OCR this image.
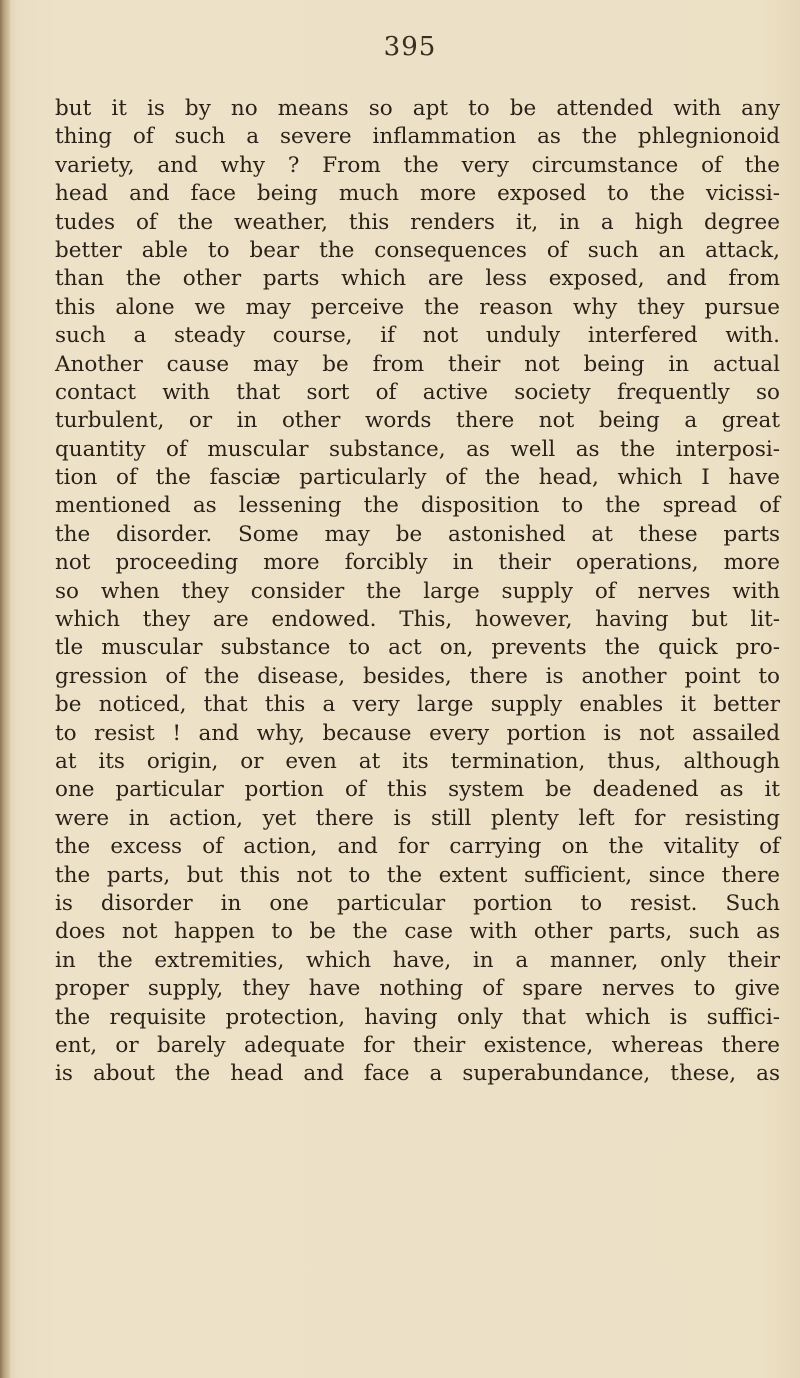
395
but it is by no means so apt to be attended with any
thing of such a severe inflammation as the phlegnionoid
variety, and why ? From the very circumstance of the
head and face being much more exposed to the vicissi-
tudes of the weather, this renders it, in a high degree
better able to bear the consequences of such an attack,
than the other parts which are less exposed, and from
this alone we may perceive the reason why they pursue
such a steady course, if not unduly interfered with.
Another cause may be from their not being in actual
contact with that sort of active society frequently so
turbulent, or in other words there not being a great
quantity of muscular substance, as well as the interposi-
tion of the fasciæ particularly of the head, which I have
mentioned as lessening the disposition to the spread of
the disorder. Some may be astonished at these parts
not proceeding more forcibly in their operations, more
so when they consider the large supply of nerves with
which they are endowed. This, however, having but lit-
tle muscular substance to act on, prevents the quick pro-
gression of the disease, besides, there is another point to
be noticed, that this a very large supply enables it better
to resist ! and why, because every portion is not assailed
at its origin, or even at its termination, thus, although
one particular portion of this system be deadened as it
were in action, yet there is still plenty left for resisting
the excess of action, and for carrying on the vitality of
the parts, but this not to the extent sufficient, since there
is disorder in one particular portion to resist. Such
does not happen to be the case with other parts, such as
in the extremities, which have, in a manner, only their
proper supply, they have nothing of spare nerves to give
the requisite protection, having only that which is suffici-
ent, or barely adequate for their existence, whereas there
is about the head and face a superabundance, these, as
